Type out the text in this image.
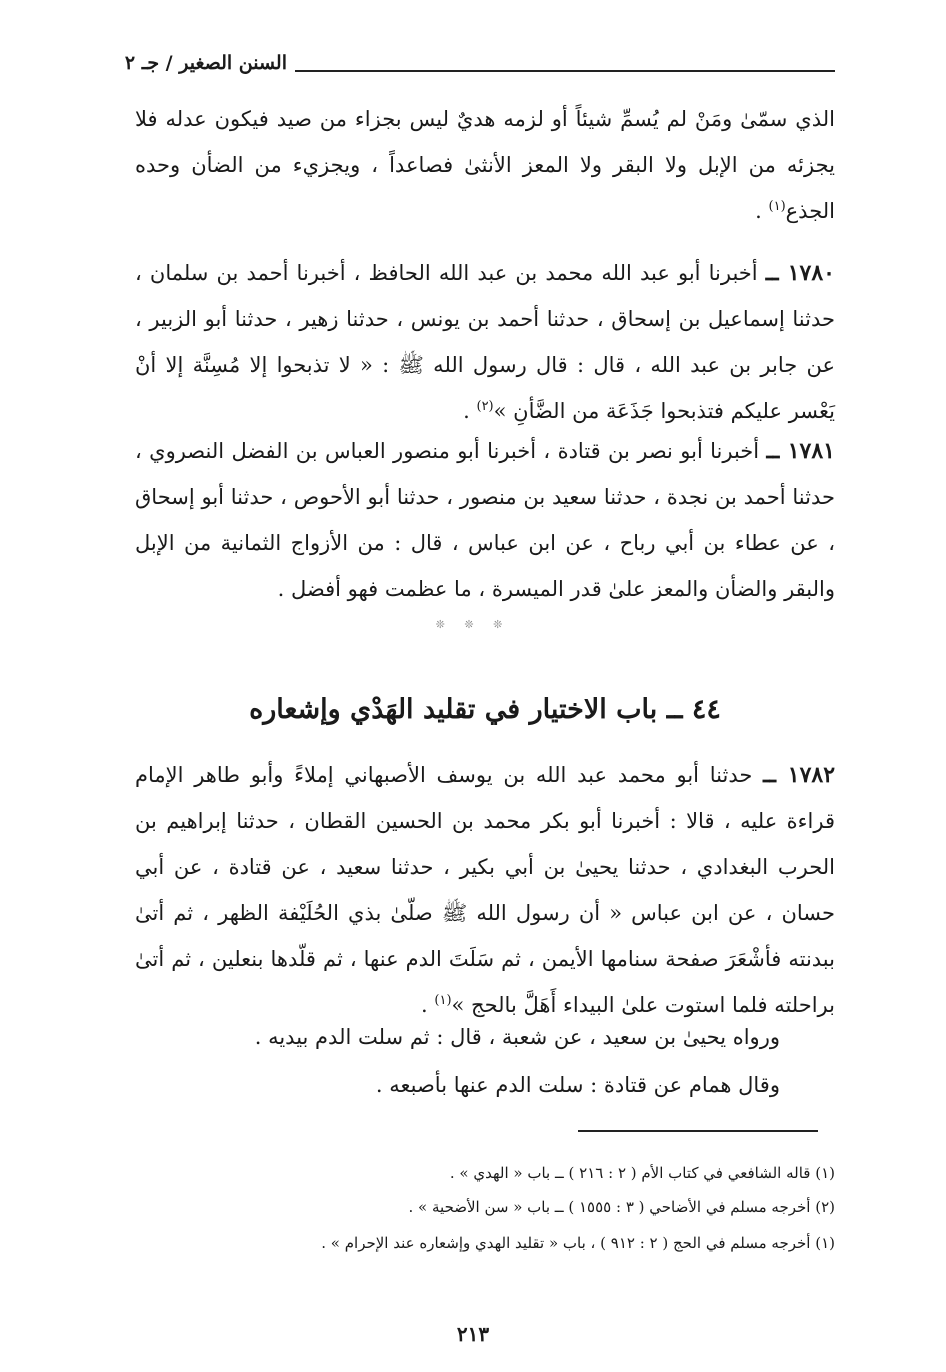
السنن الصغير / جـ ٢

الذي سمّىٰ ومَنْ لم يُسمِّ شيئاً أو لزمه هديٌ ليس بجزاء من صيد فيكون عدله فلا يجزئه من الإبل ولا البقر ولا المعز الأنثىٰ فصاعداً ، ويجزيء من الضأن وحده الجذع$^{(١)}$ .

١٧٨٠ ــ أخبرنا أبو عبد الله محمد بن عبد الله الحافظ ، أخبرنا أحمد بن سلمان ، حدثنا إسماعيل بن إسحاق ، حدثنا أحمد بن يونس ، حدثنا زهير ، حدثنا أبو الزبير ، عن جابر بن عبد الله ، قال : قال رسول الله ﷺ : « لا تذبحوا إلا مُسِنَّة إلا أنْ يَعْسر عليكم فتذبحوا جَذَعَة من الضَّأنِ »$^{(٢)}$ .

١٧٨١ ــ أخبرنا أبو نصر بن قتادة ، أخبرنا أبو منصور العباس بن الفضل النصروي ، حدثنا أحمد بن نجدة ، حدثنا سعيد بن منصور ، حدثنا أبو الأحوص ، حدثنا أبو إسحاق ، عن عطاء بن أبي رباح ، عن ابن عباس ، قال : من الأزواج الثمانية من الإبل والبقر والضأن والمعز علىٰ قدر الميسرة ، ما عظمت فهو أفضل .

❊ ❊ ❊
٤٤ ــ باب الاختيار في تقليد الهَدْي وإشعاره

١٧٨٢ ــ حدثنا أبو محمد عبد الله بن يوسف الأصبهاني إملاءً وأبو طاهر الإمام قراءة عليه ، قالا : أخبرنا أبو بكر محمد بن الحسين القطان ، حدثنا إبراهيم بن الحرب البغدادي ، حدثنا يحيىٰ بن أبي بكير ، حدثنا سعيد ، عن قتادة ، عن أبي حسان ، عن ابن عباس « أن رسول الله ﷺ صلّىٰ بذي الحُلَيْفة الظهر ، ثم أتىٰ ببدنته فأشْعَرَ صفحة سنامها الأيمن ، ثم سَلَتَ الدم عنها ، ثم قلّدها بنعلين ، ثم أتىٰ براحلته فلما استوت علىٰ البيداء أَهَلَّ بالحج »$^{(١)}$ .

ورواه يحيىٰ بن سعيد ، عن شعبة ، قال : ثم سلت الدم بيديه .

وقال همام عن قتادة : سلت الدم عنها بأصبعه .

(١) قاله الشافعي في كتاب الأم ( ٢ : ٢١٦ ) ــ باب « الهدي » .

(٢) أخرجه مسلم في الأضاحي ( ٣ : ١٥٥٥ ) ــ باب « سن الأضحية » .

(١) أخرجه مسلم في الحج ( ٢ : ٩١٢ ) ، باب « تقليد الهدي وإشعاره عند الإحرام » .

٢١٣
